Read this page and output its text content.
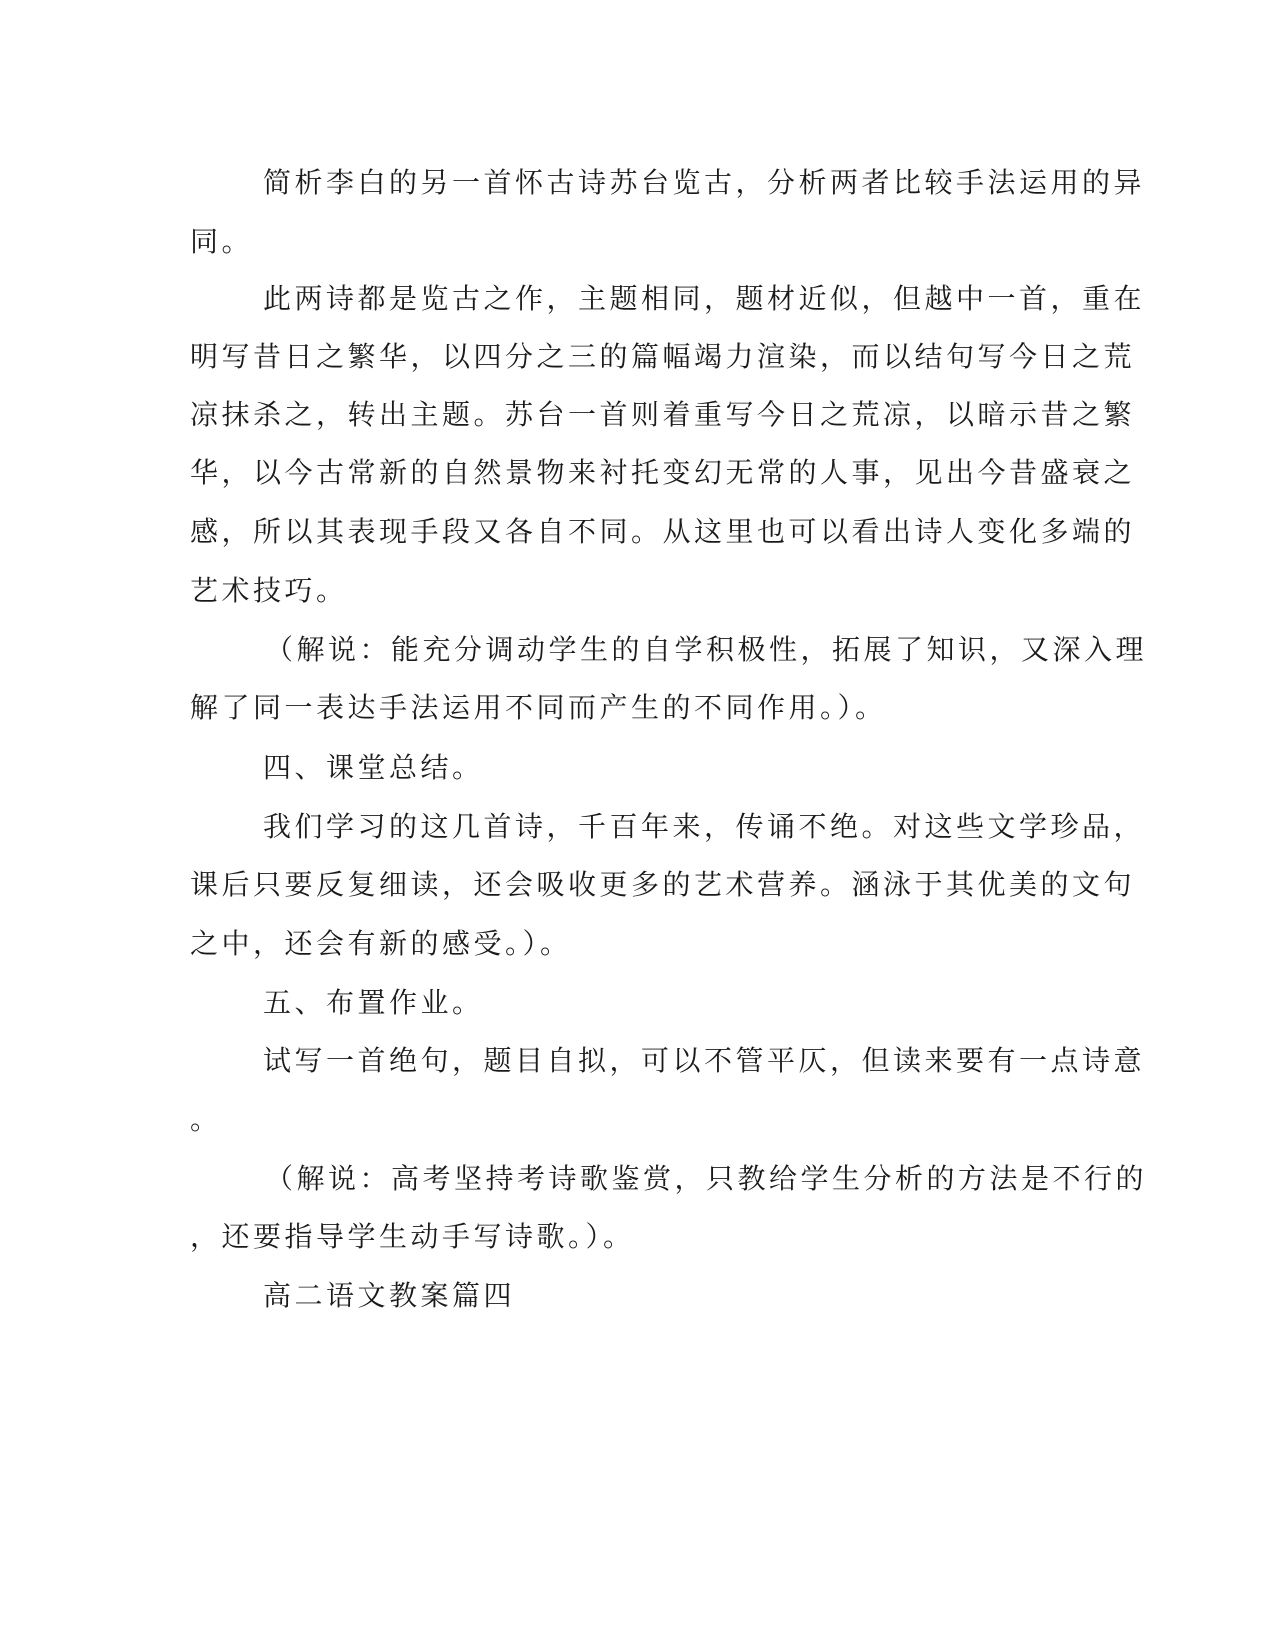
简析李白的另一首怀古诗苏台览古，分析两者比较手法运用的异
同。
此两诗都是览古之作，主题相同，题材近似，但越中一首，重在
明写昔日之繁华，以四分之三的篇幅竭力渲染，而以结句写今日之荒
凉抹杀之，转出主题。苏台一首则着重写今日之荒凉，以暗示昔之繁
华，以今古常新的自然景物来衬托变幻无常的人事，见出今昔盛衰之
感，所以其表现手段又各自不同。从这里也可以看出诗人变化多端的
艺术技巧。
（解说：能充分调动学生的自学积极性，拓展了知识，又深入理
解了同一表达手法运用不同而产生的不同作用。）。
四、课堂总结。
我们学习的这几首诗，千百年来，传诵不绝。对这些文学珍品，
课后只要反复细读，还会吸收更多的艺术营养。涵泳于其优美的文句
之中，还会有新的感受。）。
五、布置作业。
试写一首绝句，题目自拟，可以不管平仄，但读来要有一点诗意
。
（解说：高考坚持考诗歌鉴赏，只教给学生分析的方法是不行的
，还要指导学生动手写诗歌。）。
高二语文教案篇四
